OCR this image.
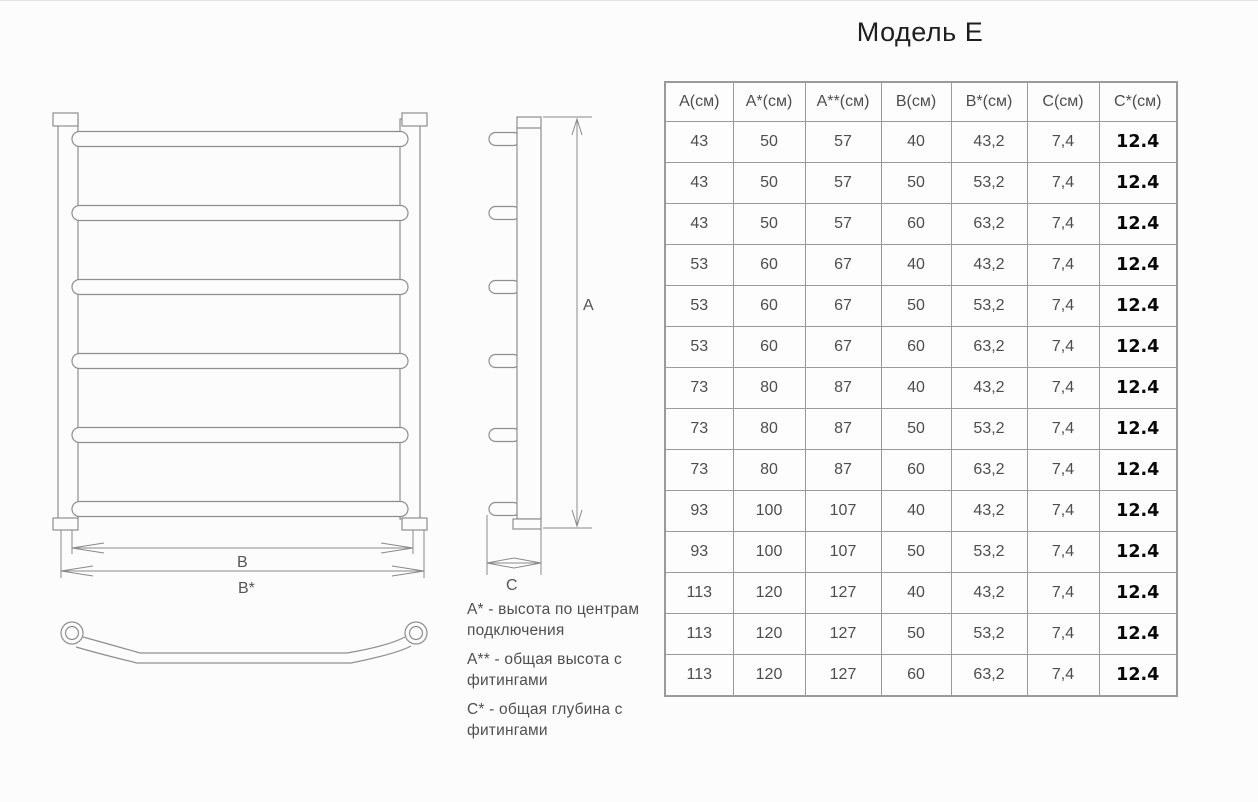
B
B*
A
C

А* - высота по центрам подключения

А** - общая высота с фитингами

С* - общая глубина с фитингами

Модель Е
А(см)	А*(см)	А**(см)	В(см)	В*(см)	С(см)	С*(см)
43	50	57	40	43,2	7,4	12.4
43	50	57	50	53,2	7,4	12.4
43	50	57	60	63,2	7,4	12.4
53	60	67	40	43,2	7,4	12.4
53	60	67	50	53,2	7,4	12.4
53	60	67	60	63,2	7,4	12.4
73	80	87	40	43,2	7,4	12.4
73	80	87	50	53,2	7,4	12.4
73	80	87	60	63,2	7,4	12.4
93	100	107	40	43,2	7,4	12.4
93	100	107	50	53,2	7,4	12.4
113	120	127	40	43,2	7,4	12.4
113	120	127	50	53,2	7,4	12.4
113	120	127	60	63,2	7,4	12.4
